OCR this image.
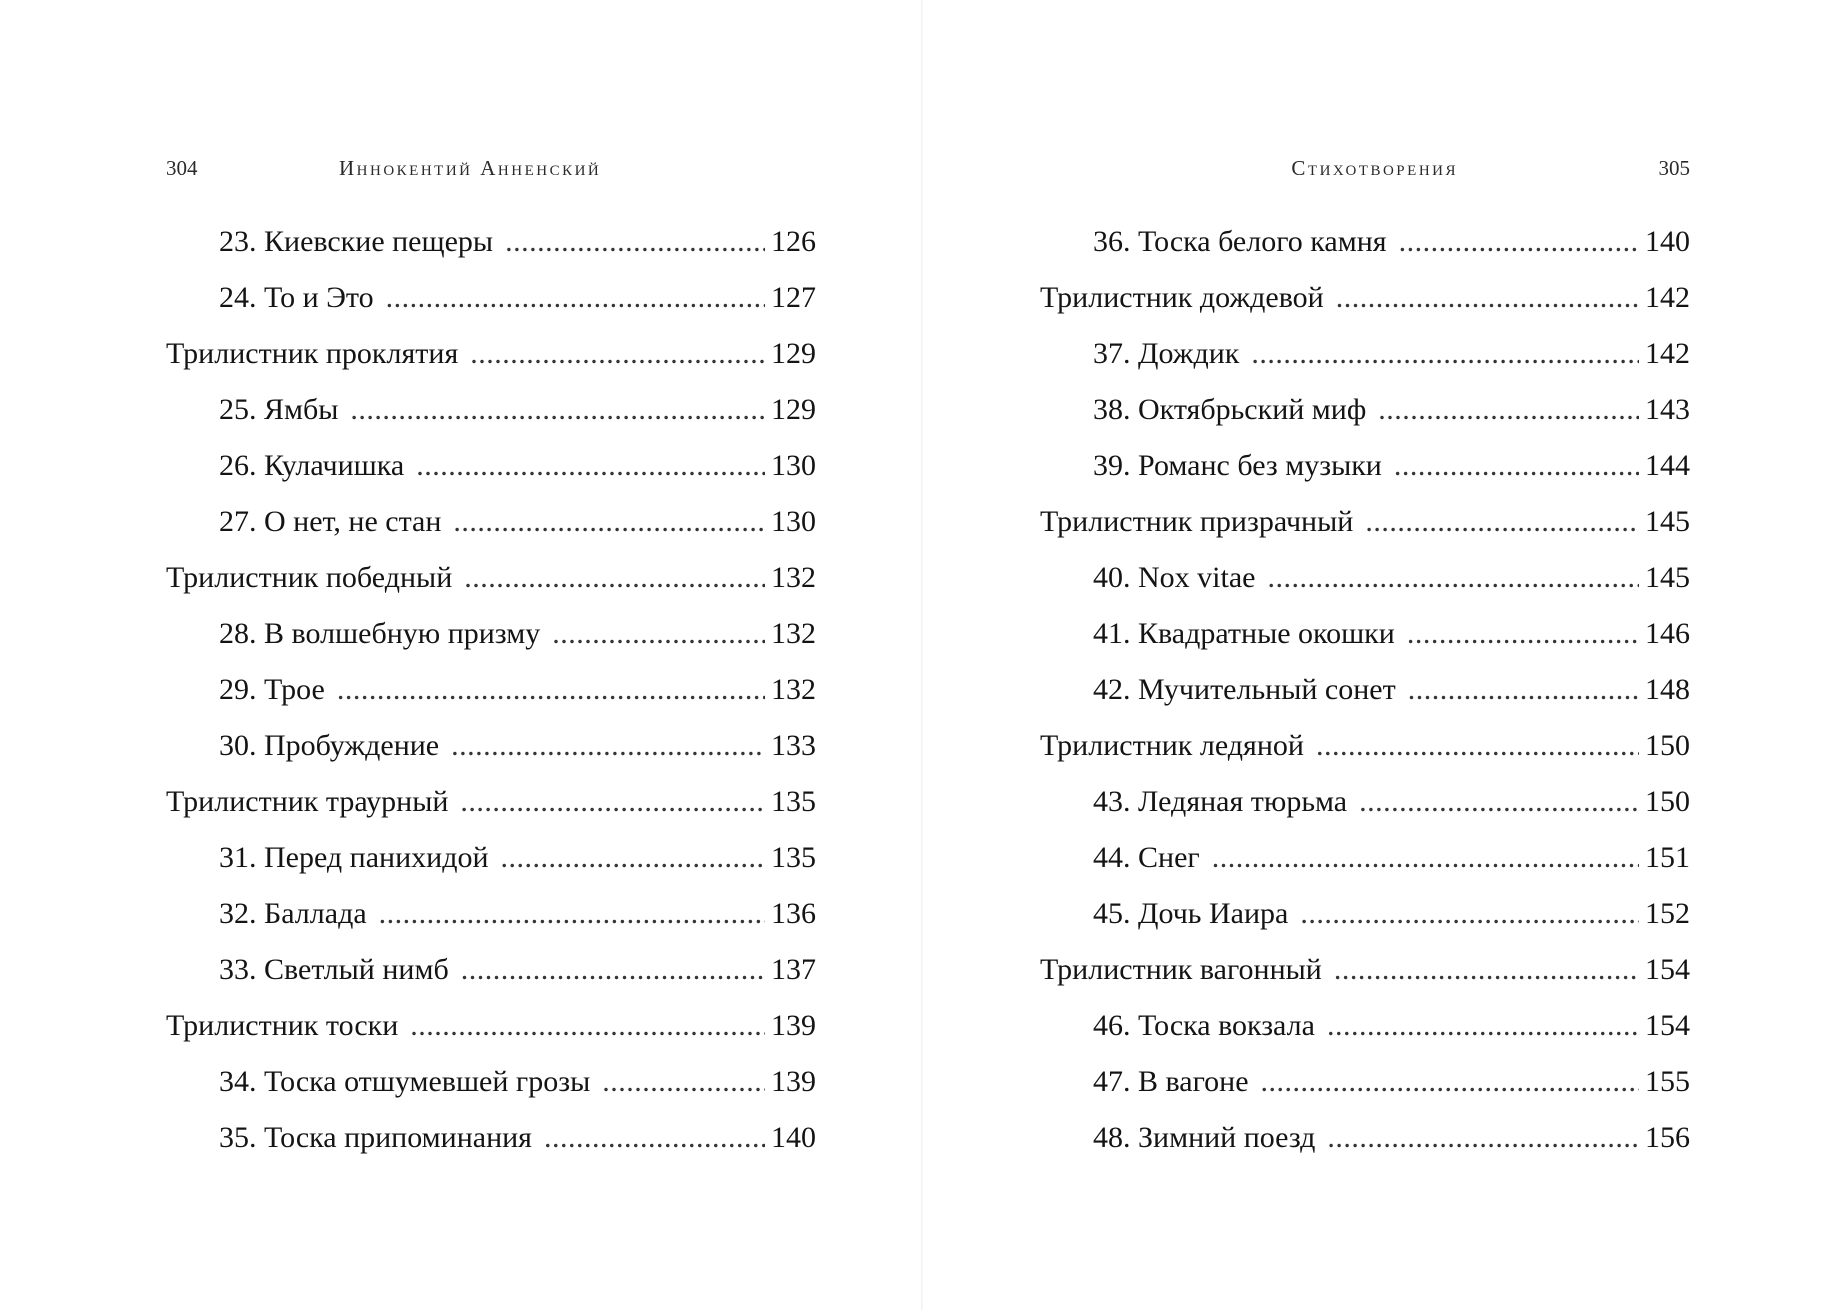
304	Иннокентий Анненский
23. Киевские пещеры . . .	126
24. То и Это . . .	127
Трилистник проклятия . . .	129
25. Ямбы . . .	129
26. Кулачишка . . .	130
27. О нет, не стан . . .	130
Трилистник победный . . .	132
28. В волшебную призму . . .	132
29. Трое . . .	132
30. Пробуждение . . .	133
Трилистник траурный . . .	135
31. Перед панихидой . . .	135
32. Баллада . . .	136
33. Светлый нимб . . .	137
Трилистник тоски . . .	139
34. Тоска отшумевшей грозы . . .	139
35. Тоска припоминания . . .	140
Стихотворения	305
36. Тоска белого камня . . .	140
Трилистник дождевой . . .	142
37. Дождик . . .	142
38. Октябрьский миф . . .	143
39. Романс без музыки . . .	144
Трилистник призрачный . . .	145
40. Nox vitae . . .	145
41. Квадратные окошки . . .	146
42. Мучительный сонет . . .	148
Трилистник ледяной . . .	150
43. Ледяная тюрьма . . .	150
44. Снег . . .	151
45. Дочь Иаира . . .	152
Трилистник вагонный . . .	154
46. Тоска вокзала . . .	154
47. В вагоне . . .	155
48. Зимний поезд . . .	156
